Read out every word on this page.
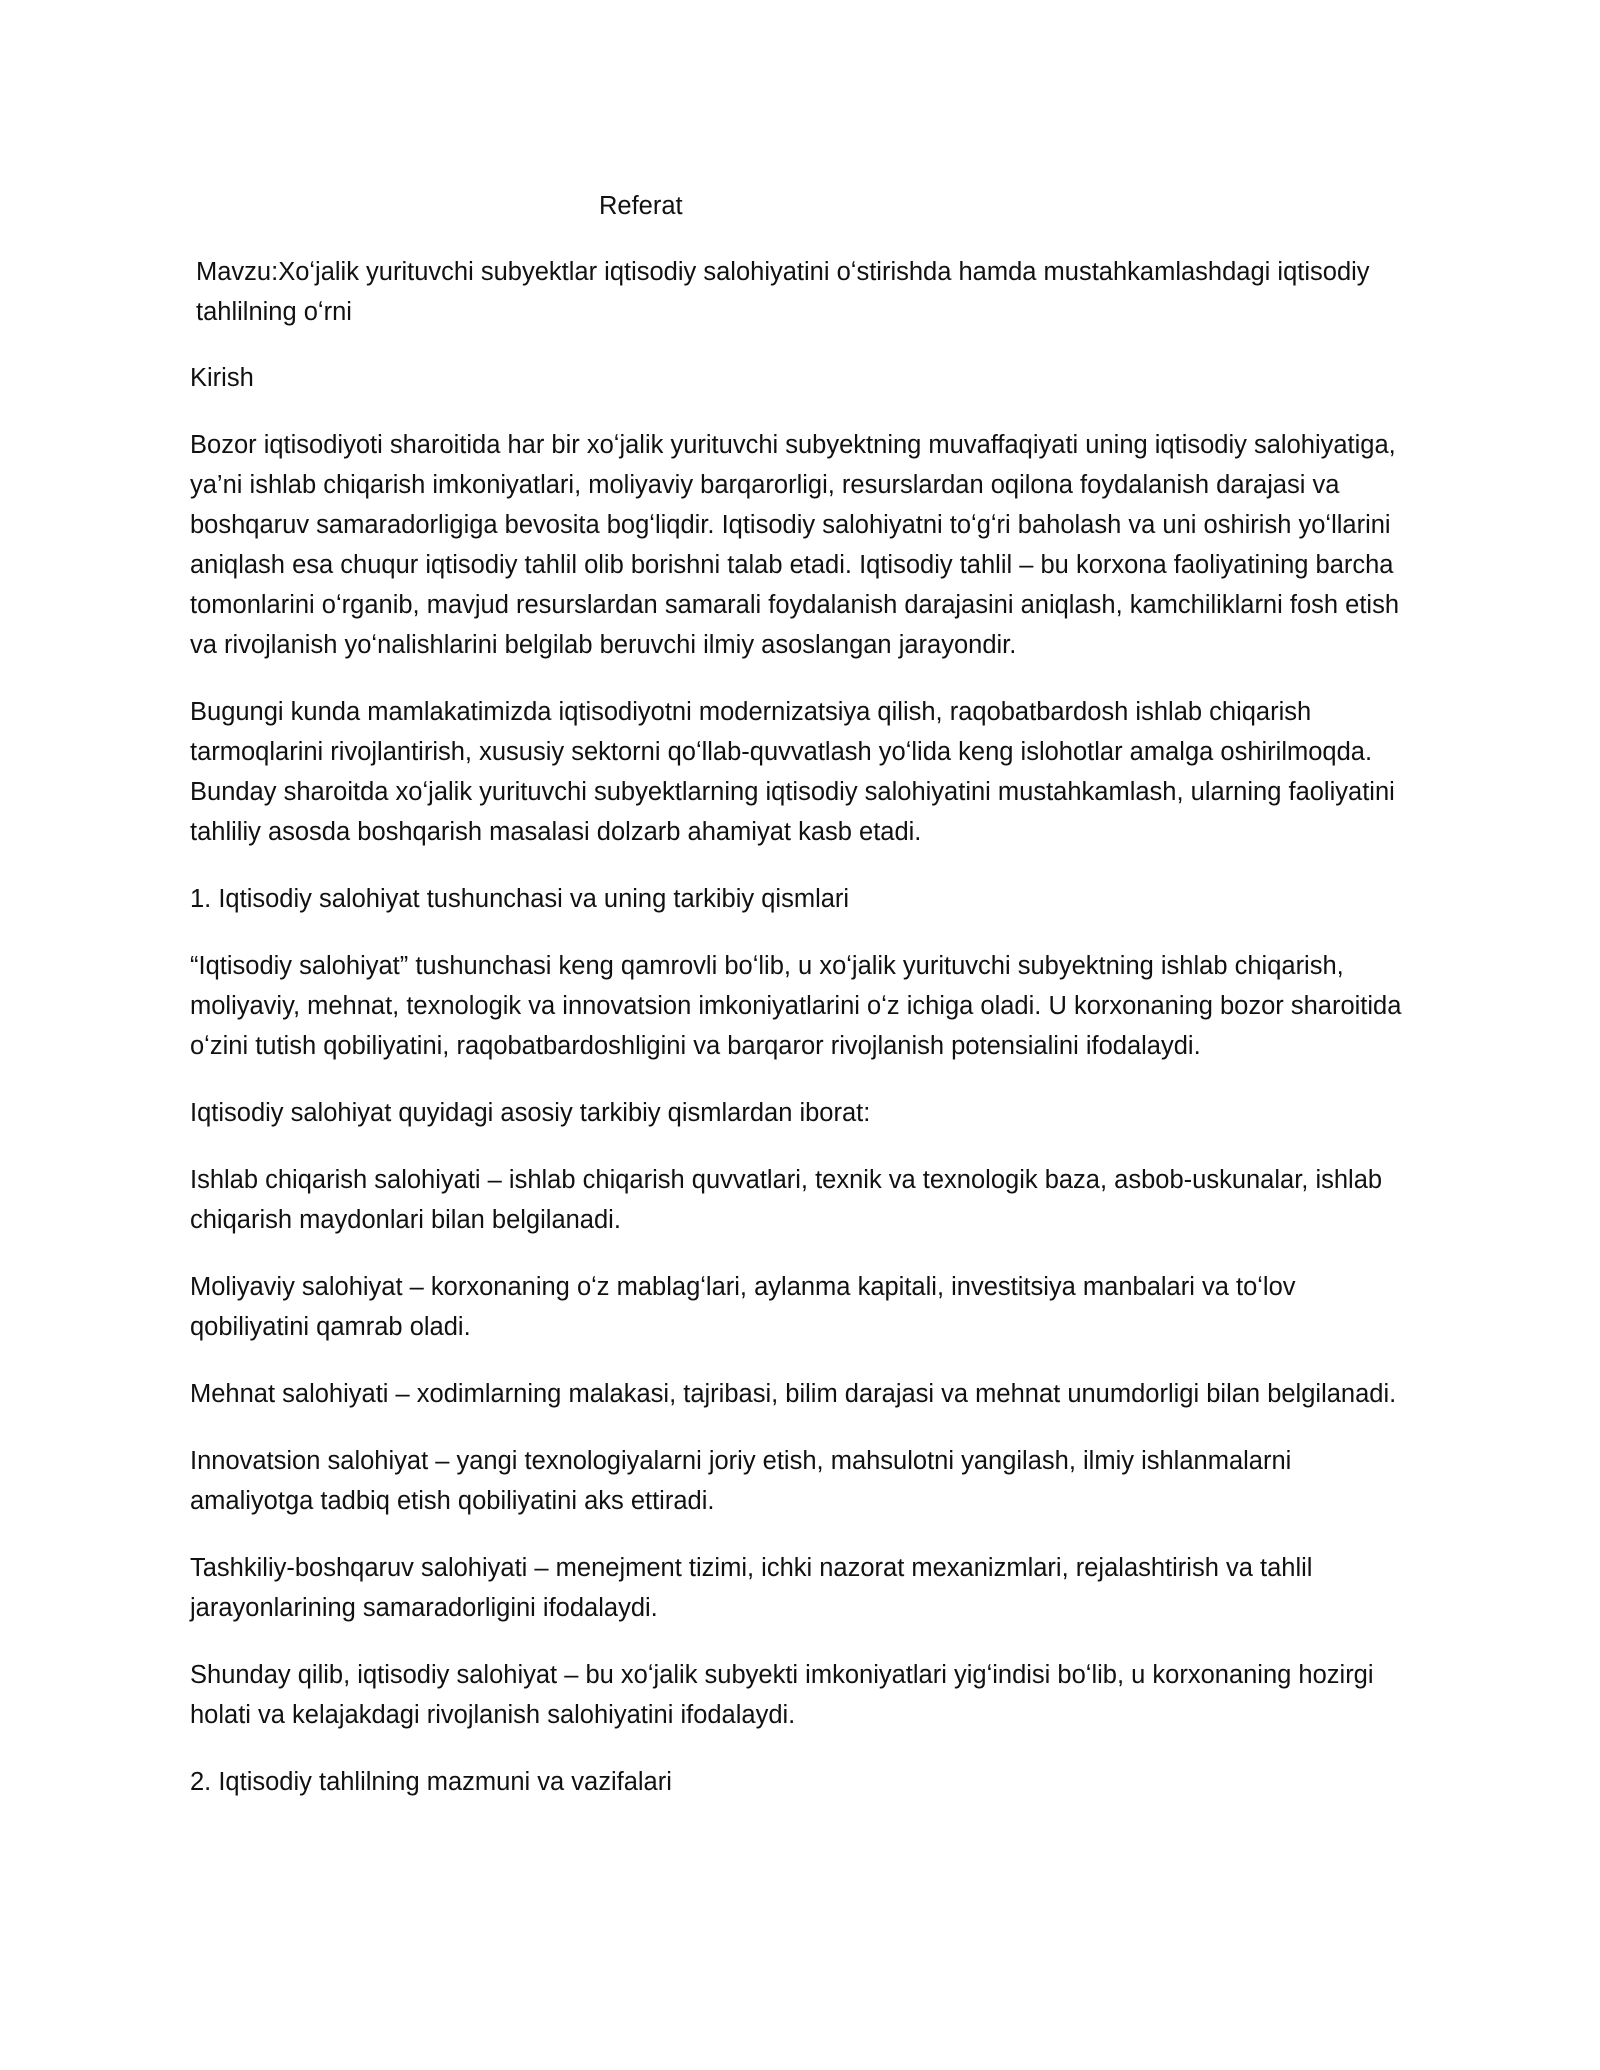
Referat
Mavzu:Xoʻjalik yurituvchi subyektlar iqtisodiy salohiyatini oʻstirishda hamda mustahkamlashdagi iqtisodiy tahlilning oʻrni

Kirish

Bozor iqtisodiyoti sharoitida har bir xoʻjalik yurituvchi subyektning muvaffaqiyati uning iqtisodiy salohiyatiga, ya’ni ishlab chiqarish imkoniyatlari, moliyaviy barqarorligi, resurslardan oqilona foydalanish darajasi va boshqaruv samaradorligiga bevosita bogʻliqdir. Iqtisodiy salohiyatni toʻgʻri baholash va uni oshirish yoʻllarini aniqlash esa chuqur iqtisodiy tahlil olib borishni talab etadi. Iqtisodiy tahlil – bu korxona faoliyatining barcha tomonlarini oʻrganib, mavjud resurslardan samarali foydalanish darajasini aniqlash, kamchiliklarni fosh etish va rivojlanish yoʻnalishlarini belgilab beruvchi ilmiy asoslangan jarayondir.

Bugungi kunda mamlakatimizda iqtisodiyotni modernizatsiya qilish, raqobatbardosh ishlab chiqarish tarmoqlarini rivojlantirish, xususiy sektorni qoʻllab-quvvatlash yoʻlida keng islohotlar amalga oshirilmoqda. Bunday sharoitda xoʻjalik yurituvchi subyektlarning iqtisodiy salohiyatini mustahkamlash, ularning faoliyatini tahliliy asosda boshqarish masalasi dolzarb ahamiyat kasb etadi.

1. Iqtisodiy salohiyat tushunchasi va uning tarkibiy qismlari

“Iqtisodiy salohiyat” tushunchasi keng qamrovli boʻlib, u xoʻjalik yurituvchi subyektning ishlab chiqarish, moliyaviy, mehnat, texnologik va innovatsion imkoniyatlarini oʻz ichiga oladi. U korxonaning bozor sharoitida oʻzini tutish qobiliyatini, raqobatbardoshligini va barqaror rivojlanish potensialini ifodalaydi.

Iqtisodiy salohiyat quyidagi asosiy tarkibiy qismlardan iborat:

Ishlab chiqarish salohiyati – ishlab chiqarish quvvatlari, texnik va texnologik baza, asbob-uskunalar, ishlab chiqarish maydonlari bilan belgilanadi.

Moliyaviy salohiyat – korxonaning oʻz mablagʻlari, aylanma kapitali, investitsiya manbalari va toʻlov qobiliyatini qamrab oladi.

Mehnat salohiyati – xodimlarning malakasi, tajribasi, bilim darajasi va mehnat unumdorligi bilan belgilanadi.

Innovatsion salohiyat – yangi texnologiyalarni joriy etish, mahsulotni yangilash, ilmiy ishlanmalarni amaliyotga tadbiq etish qobiliyatini aks ettiradi.

Tashkiliy-boshqaruv salohiyati – menejment tizimi, ichki nazorat mexanizmlari, rejalashtirish va tahlil jarayonlarining samaradorligini ifodalaydi.

Shunday qilib, iqtisodiy salohiyat – bu xoʻjalik subyekti imkoniyatlari yigʻindisi boʻlib, u korxonaning hozirgi holati va kelajakdagi rivojlanish salohiyatini ifodalaydi.

2. Iqtisodiy tahlilning mazmuni va vazifalari
